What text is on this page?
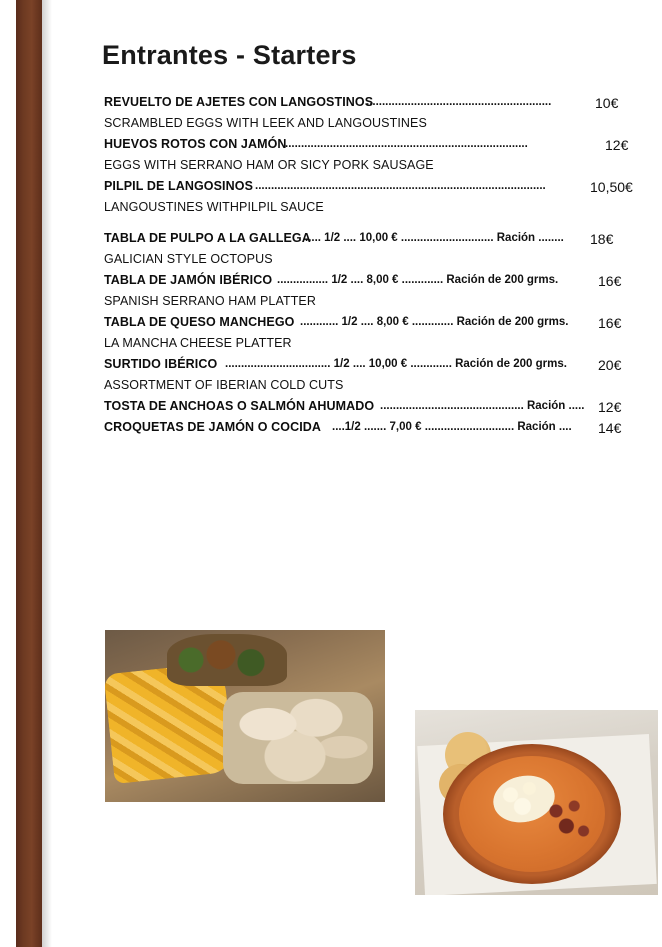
Entrantes - Starters
REVUELTO DE AJETES CON LANGOSTINOS
..........................................................	10€
SCRAMBLED EGGS WITH LEEK AND LANGOUSTINES
HUEVOS ROTOS CON JAMÓN
............................................................................	12€
EGGS WITH SERRANO HAM OR SICY PORK SAUSAGE
PILPIL DE LANGOSINOS ...........................................................................................	10,50€
LANGOUSTINES WITHPILPIL SAUCE
TABLA DE PULPO A LA GALLEGA
..... 1/2 .... 10,00 € ............................. Ración ........ 18€
GALICIAN STYLE OCTOPUS
TABLA DE JAMÓN IBÉRICO ................ 1/2 .... 8,00 € ............. Ración de 200 grms.	16€
SPANISH SERRANO HAM PLATTER
TABLA DE QUESO MANCHEGO ............ 1/2 .... 8,00 € ............. Ración de 200 grms. 16€
LA MANCHA CHEESE PLATTER
SURTIDO IBÉRICO ................................. 1/2 .... 10,00 € ............. Ración de 200 grms. 20€
ASSORTMENT OF IBERIAN COLD CUTS
TOSTA DE ANCHOAS O SALMÓN AHUMADO ............................................. Ración ..... 12€
CROQUETAS DE JAMÓN O COCIDA ....1/2 ....... 7,00 € ............................ Ración .... 14€
